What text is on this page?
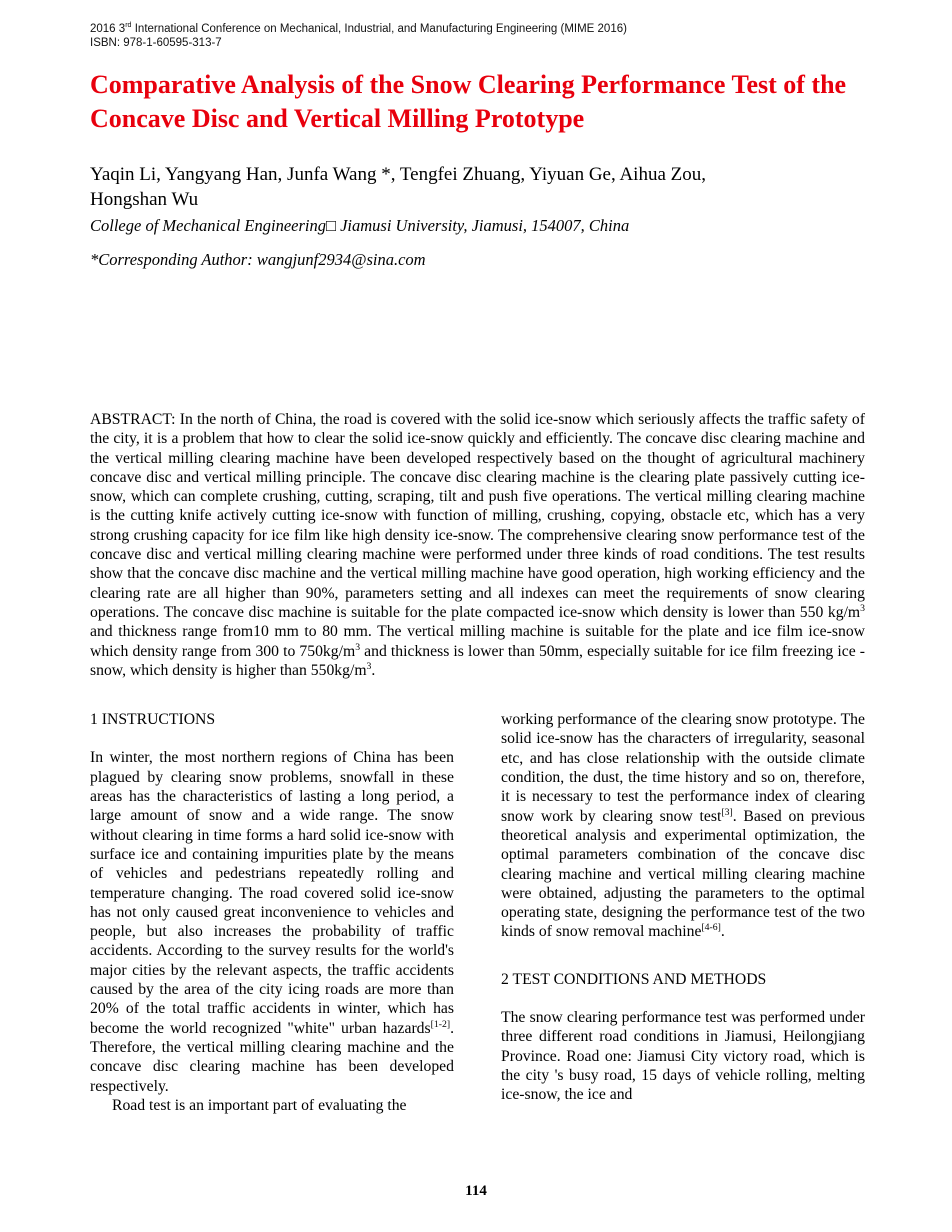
2016 3rd International Conference on Mechanical, Industrial, and Manufacturing Engineering (MIME 2016)
ISBN: 978-1-60595-313-7
Comparative Analysis of the Snow Clearing Performance Test of the Concave Disc and Vertical Milling Prototype
Yaqin Li, Yangyang Han, Junfa Wang *, Tengfei Zhuang, Yiyuan Ge, Aihua Zou, Hongshan Wu
College of Mechanical Engineering□ Jiamusi University, Jiamusi, 154007, China
*Corresponding Author: wangjunf2934@sina.com

ABSTRACT: In the north of China, the road is covered with the solid ice-snow which seriously affects the traffic safety of the city, it is a problem that how to clear the solid ice-snow quickly and efficiently. The concave disc clearing machine and the vertical milling clearing machine have been developed respectively based on the thought of agricultural machinery concave disc and vertical milling principle. The concave disc clearing machine is the clearing plate passively cutting ice-snow, which can complete crushing, cutting, scraping, tilt and push five operations. The vertical milling clearing machine is the cutting knife actively cutting ice-snow with function of milling, crushing, copying, obstacle etc, which has a very strong crushing capacity for ice film like high density ice-snow. The comprehensive clearing snow performance test of the concave disc and vertical milling clearing machine were performed under three kinds of road conditions. The test results show that the concave disc machine and the vertical milling machine have good operation, high working efficiency and the clearing rate are all higher than 90%, parameters setting and all indexes can meet the requirements of snow clearing operations. The concave disc machine is suitable for the plate compacted ice-snow which density is lower than 550 $kg/m^3$ and thickness range from10 mm to 80 mm. The vertical milling machine is suitable for the plate and ice film ice-snow which density range from 300 to $750kg/m^3$ and thickness is lower than 50mm, especially suitable for ice film freezing ice -snow, which density is higher than $550kg/m^3$.

1 INSTRUCTIONS

In winter, the most northern regions of China has been plagued by clearing snow problems, snowfall in these areas has the characteristics of lasting a long period, a large amount of snow and a wide range. The snow without clearing in time forms a hard solid ice-snow with surface ice and containing impurities plate by the means of vehicles and pedestrians repeatedly rolling and temperature changing. The road covered solid ice-snow has not only caused great inconvenience to vehicles and people, but also increases the probability of traffic accidents. According to the survey results for the world's major cities by the relevant aspects, the traffic accidents caused by the area of the city icing roads are more than 20% of the total traffic accidents in winter, which has become the world recognized "white" urban hazards[1-2]. Therefore, the vertical milling clearing machine and the concave disc clearing machine has been developed respectively.

Road test is an important part of evaluating the

working performance of the clearing snow prototype. The solid ice-snow has the characters of irregularity, seasonal etc, and has close relationship with the outside climate condition, the dust, the time history and so on, therefore, it is necessary to test the performance index of clearing snow work by clearing snow test[3]. Based on previous theoretical analysis and experimental optimization, the optimal parameters combination of the concave disc clearing machine and vertical milling clearing machine were obtained, adjusting the parameters to the optimal operating state, designing the performance test of the two kinds of snow removal machine[4-6].

2 TEST CONDITIONS AND METHODS

The snow clearing performance test was performed under three different road conditions in Jiamusi, Heilongjiang Province. Road one: Jiamusi City victory road, which is the city 's busy road, 15 days of vehicle rolling, melting ice-snow, the ice and

114
